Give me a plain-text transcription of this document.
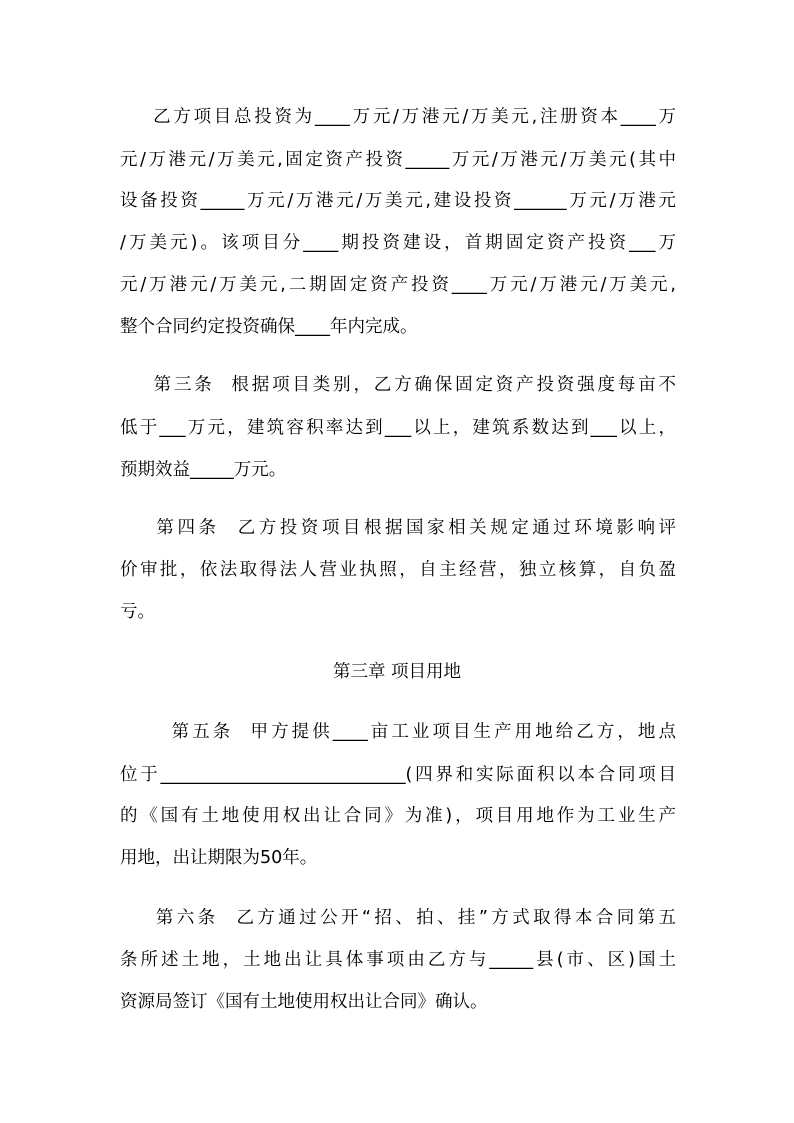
乙方项目总投资为____万元/万港元/万美元,注册资本____万
元/万港元/万美元,固定资产投资_____万元/万港元/万美元(其中
设备投资_____万元/万港元/万美元,建设投资______万元/万港元
/万美元)。该项目分____期投资建设，首期固定资产投资___万
元/万港元/万美元,二期固定资产投资____万元/万港元/万美元,
整个合同约定投资确保____年内完成。
第三条  根据项目类别，乙方确保固定资产投资强度每亩不
低于___万元，建筑容积率达到___以上，建筑系数达到___以上，
预期效益_____万元。
第四条  乙方投资项目根据国家相关规定通过环境影响评
价审批，依法取得法人营业执照，自主经营，独立核算，自负盈
亏。
第三章 项目用地
第五条  甲方提供____亩工业项目生产用地给乙方，地点
位于____________________________(四界和实际面积以本合同项目
的《国有土地使用权出让合同》为准)，项目用地作为工业生产
用地，出让期限为50年。
第六条  乙方通过公开“招、拍、挂”方式取得本合同第五
条所述土地，土地出让具体事项由乙方与_____县(市、区)国土
资源局签订《国有土地使用权出让合同》确认。
